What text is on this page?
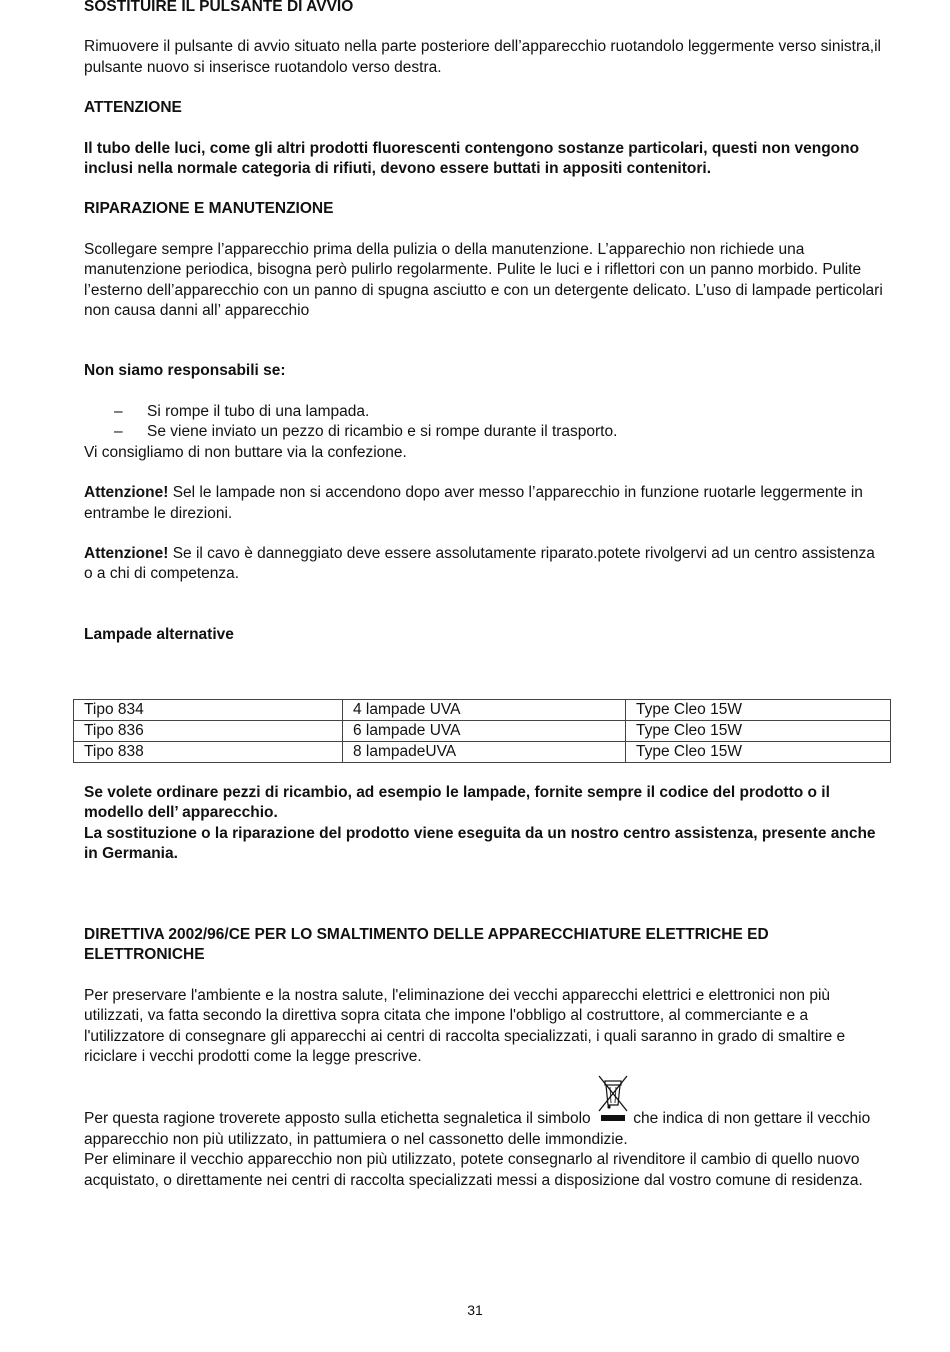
SOSTITUIRE IL PULSANTE DI AVVIO

Rimuovere il pulsante di avvio situato nella parte posteriore dell’apparecchio ruotandolo leggermente verso sinistra,il pulsante nuovo si inserisce ruotandolo verso destra.

ATTENZIONE

Il tubo delle luci, come gli altri prodotti fluorescenti contengono sostanze particolari, questi non vengono inclusi nella normale categoria di rifiuti, devono essere buttati in appositi contenitori.

RIPARAZIONE E MANUTENZIONE

Scollegare sempre l’apparecchio prima della pulizia o della manutenzione. L’apparechio non richiede una manutenzione periodica, bisogna però pulirlo regolarmente. Pulite le luci e i riflettori con un panno morbido. Pulite l’esterno dell’apparecchio con un panno di spugna asciutto e con un detergente delicato. L’uso di lampade perticolari non causa danni all’ apparecchio

Non siamo responsabili se:

– Si rompe il tubo di una lampada.
– Se viene inviato un pezzo di ricambio e si rompe durante il trasporto.

Vi consigliamo di non buttare via la confezione.

Attenzione! Sel le lampade non si accendono dopo aver messo l’apparecchio in funzione ruotarle leggermente in entrambe le direzioni.

Attenzione! Se il cavo è danneggiato deve essere assolutamente riparato.potete rivolgervi ad un centro assistenza o a chi di competenza.

Lampade alternative

Tipo 834	4 lampade UVA	Type Cleo 15W
Tipo 836	6 lampade UVA	Type Cleo 15W
Tipo 838	8 lampadeUVA	Type Cleo 15W

Se volete ordinare pezzi di ricambio, ad esempio le lampade, fornite sempre il codice del prodotto o il modello dell’ apparecchio.

La sostituzione o la riparazione del prodotto viene eseguita da un nostro centro assistenza, presente anche in Germania.

DIRETTIVA 2002/96/CE PER LO SMALTIMENTO DELLE APPARECCHIATURE ELETTRICHE ED ELETTRONICHE

Per preservare l'ambiente e la nostra salute, l'eliminazione dei vecchi apparecchi elettrici e elettronici non più utilizzati, va fatta secondo la direttiva sopra citata che impone l'obbligo al costruttore, al commerciante e a l'utilizzatore di consegnare gli apparecchi ai centri di raccolta specializzati, i quali saranno in grado di smaltire e riciclare i vecchi prodotti come la legge prescrive.

Per questa ragione troverete apposto sulla etichetta segnaletica il simbolo
che indica di non gettare il vecchio apparecchio non più utilizzato, in pattumiera o nel cassonetto delle immondizie.

Per eliminare il vecchio apparecchio non più utilizzato, potete consegnarlo al rivenditore il cambio di quello nuovo acquistato, o direttamente nei centri di raccolta specializzati messi a disposizione dal vostro comune di residenza.

31
